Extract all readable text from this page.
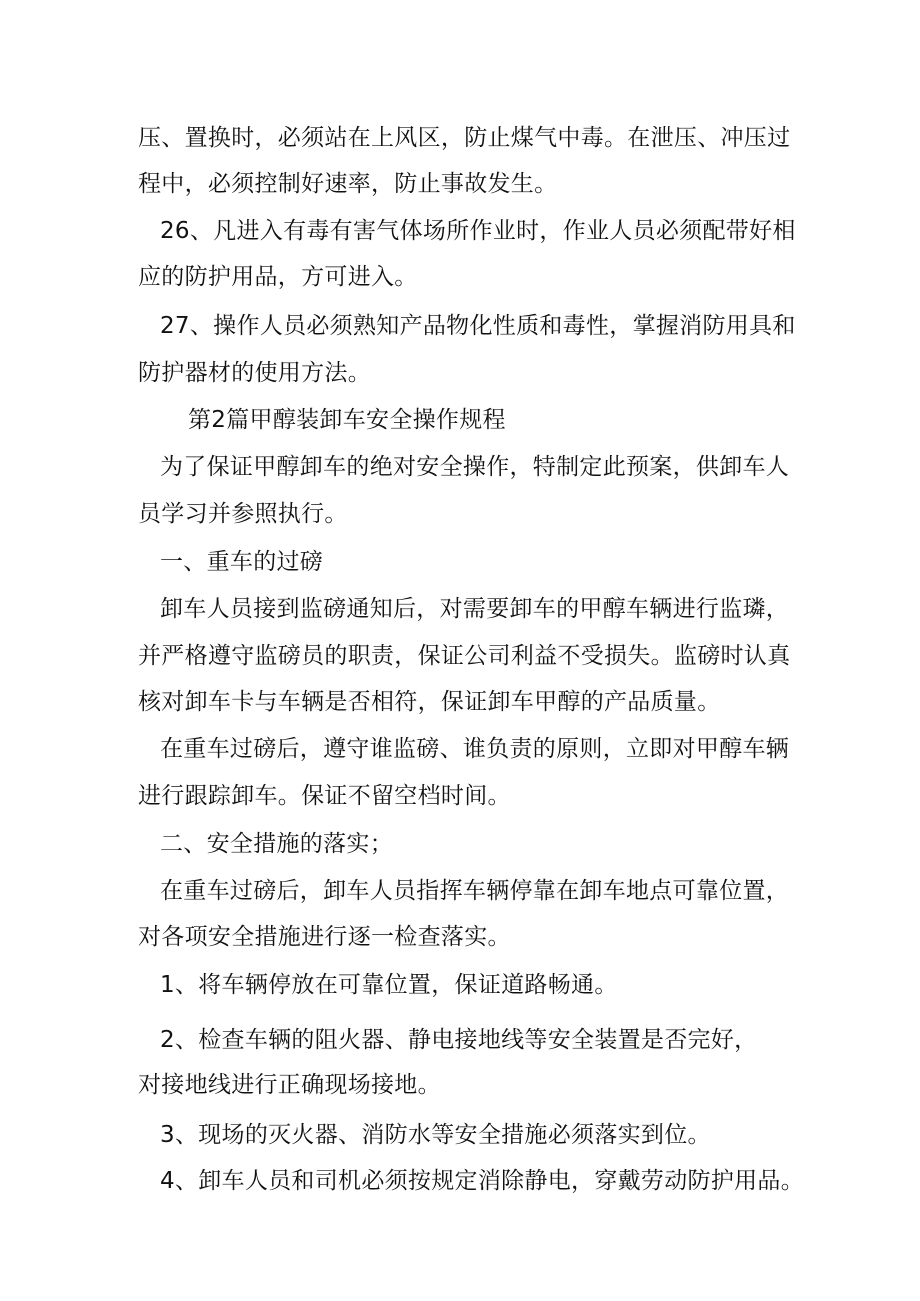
压、置换时，必须站在上风区，防止煤气中毒。在泄压、冲压过
程中，必须控制好速率，防止事故发生。
26、凡进入有毒有害气体场所作业时，作业人员必须配带好相
应的防护用品，方可进入。
27、操作人员必须熟知产品物化性质和毒性，掌握消防用具和
防护器材的使用方法。
第2篇甲醇装卸车安全操作规程
为了保证甲醇卸车的绝对安全操作，特制定此预案，供卸车人
员学习并参照执行。
一、重车的过磅
卸车人员接到监磅通知后，对需要卸车的甲醇车辆进行监璘，
并严格遵守监磅员的职责，保证公司利益不受损失。监磅时认真
核对卸车卡与车辆是否相符，保证卸车甲醇的产品质量。
在重车过磅后，遵守谁监磅、谁负责的原则，立即对甲醇车辆
进行跟踪卸车。保证不留空档时间。
二、安全措施的落实；
在重车过磅后，卸车人员指挥车辆停靠在卸车地点可靠位置，
对各项安全措施进行逐一检查落实。
1、将车辆停放在可靠位置，保证道路畅通。
2、检查车辆的阻火器、静电接地线等安全装置是否完好，
对接地线进行正确现场接地。
3、现场的灭火器、消防水等安全措施必须落实到位。
4、卸车人员和司机必须按规定消除静电，穿戴劳动防护用品。
